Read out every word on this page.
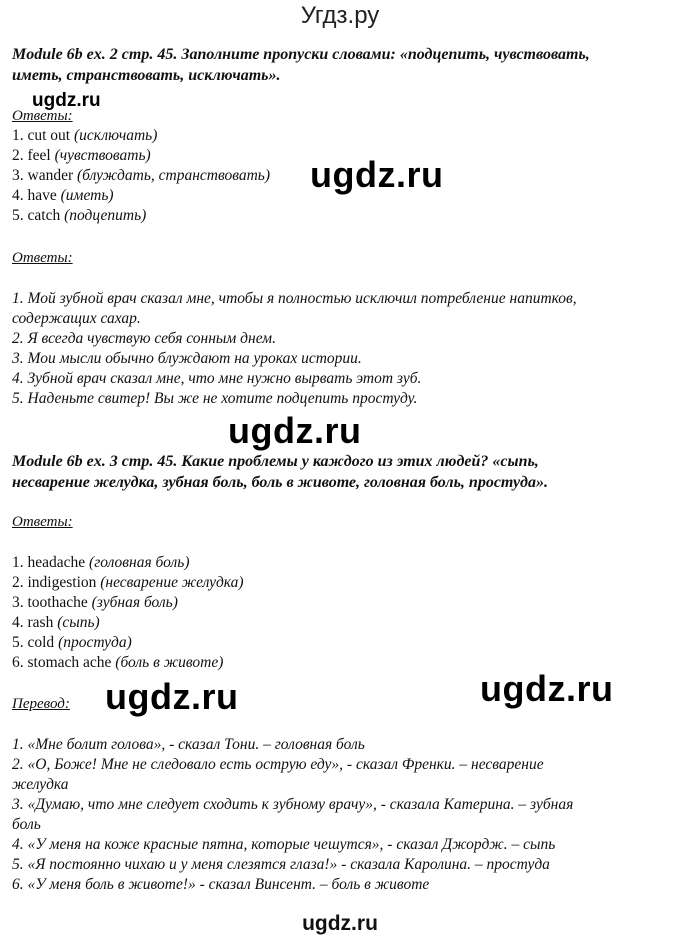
Угдз.ру
Module 6b ex. 2 стр. 45. Заполните пропуски словами: «подцепить, чувствовать,
иметь, странствовать, исключать».
ugdz.ru
Ответы:
1. cut out (исключать)
2. feel (чувствовать)
3. wander (блуждать, странствовать)
4. have (иметь)
5. catch (подцепить)
ugdz.ru
Ответы:
1. Мой зубной врач сказал мне, чтобы я полностью исключил потребление напитков,
содержащих сахар.
2. Я всегда чувствую себя сонным днем.
3. Мои мысли обычно блуждают на уроках истории.
4. Зубной врач сказал мне, что мне нужно вырвать этот зуб.
5. Наденьте свитер! Вы же не хотите подцепить простуду.
ugdz.ru
Module 6b ex. 3 стр. 45. Какие проблемы у каждого из этих людей? «сыпь,
несварение желудка, зубная боль, боль в животе, головная боль, простуда».
Ответы:
1. headache (головная боль)
2. indigestion (несварение желудка)
3. toothache (зубная боль)
4. rash (сыпь)
5. cold (простуда)
6. stomach ache (боль в животе)
ugdz.ru	ugdz.ru
Перевод:
1. «Мне болит голова», - сказал Тони. – головная боль
2. «О, Боже! Мне не следовало есть острую еду», - сказал Френки. – несварение
желудка
3. «Думаю, что мне следует сходить к зубному врачу», - сказала Катерина. – зубная
боль
4. «У меня на коже красные пятна, которые чешутся», - сказал Джордж. – сыпь
5. «Я постоянно чихаю и у меня слезятся глаза!» - сказала Каролина. – простуда
6. «У меня боль в животе!» - сказал Винсент. – боль в животе
ugdz.ru
